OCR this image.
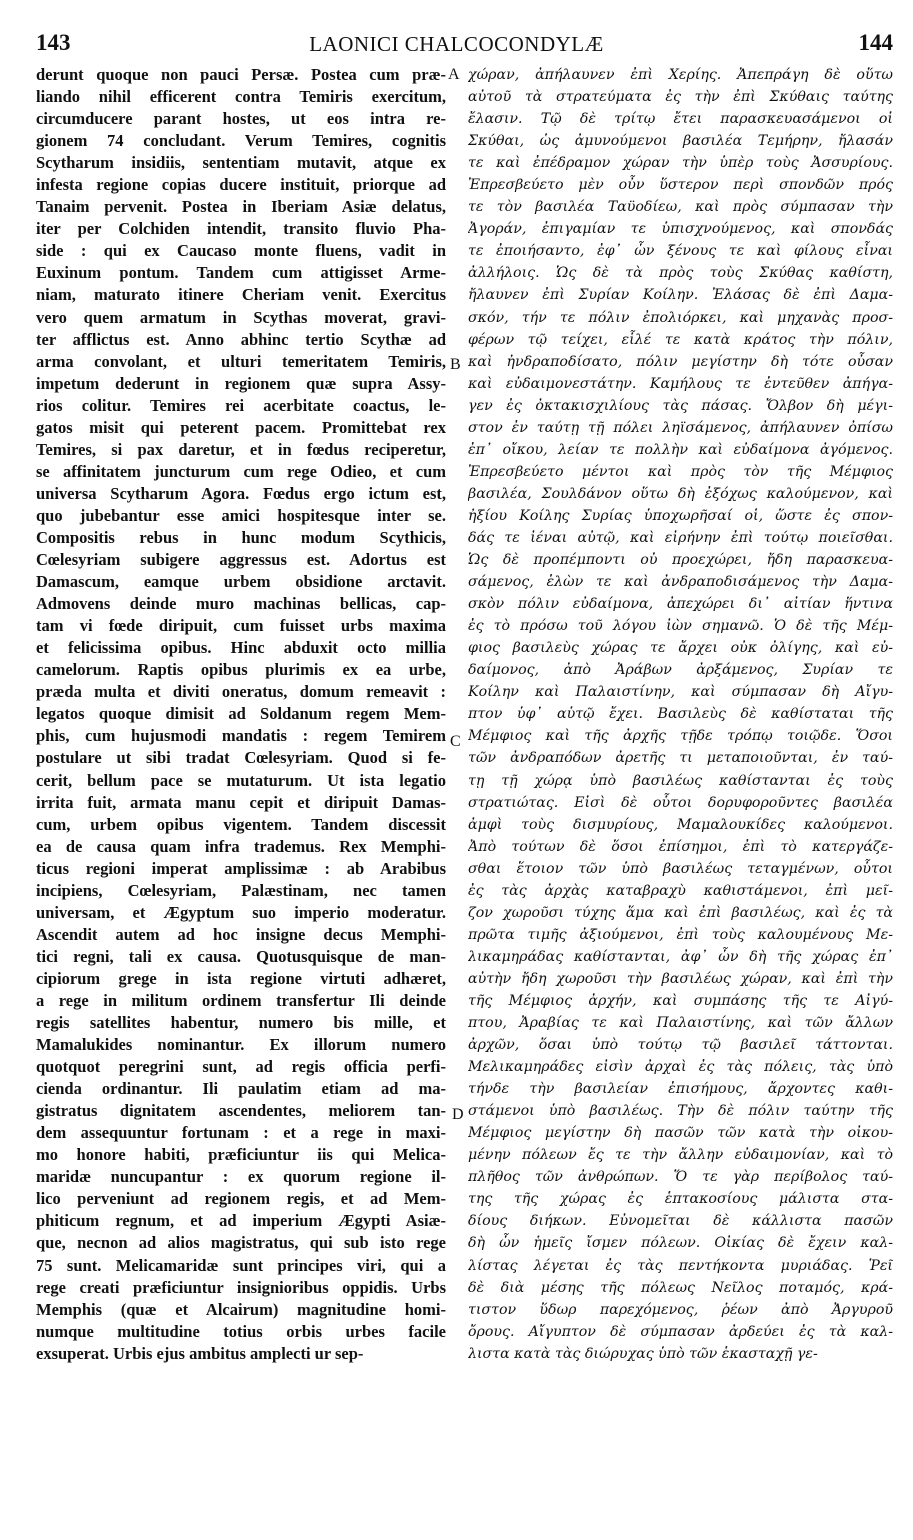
143	LAONICI CHALCOCONDYLÆ	144
derunt quoque non pauci Persæ. Postea cum præ-
liando nihil efficerent contra Temiris exercitum,
circumducere parant hostes, ut eos intra re-
gionem 74 concludant. Verum Temires, cognitis
Scytharum insidiis, sententiam mutavit, atque ex
infesta regione copias ducere instituit, priorque ad
Tanaim pervenit. Postea in Iberiam Asiæ delatus,
iter per Colchiden intendit, transito fluvio Pha-
side : qui ex Caucaso monte fluens, vadit in
Euxinum pontum. Tandem cum attigisset Arme-
niam, maturato itinere Cheriam venit. Exercitus
vero quem armatum in Scythas moverat, gravi-
ter afflictus est. Anno abhinc tertio Scythæ ad
arma convolant, et ulturi temeritatem Temiris,
impetum dederunt in regionem quæ supra Assy-
rios colitur. Temires rei acerbitate coactus, le-
gatos misit qui peterent pacem. Promittebat rex
Temires, si pax daretur, et in fœdus reciperetur,
se affinitatem juncturum cum rege Odieo, et cum
universa Scytharum Agora. Fœdus ergo ictum est,
quo jubebantur esse amici hospitesque inter se.
Compositis rebus in hunc modum Scythicis,
Cœlesyriam subigere aggressus est. Adortus est
Damascum, eamque urbem obsidione arctavit.
Admovens deinde muro machinas bellicas, cap-
tam vi fœde diripuit, cum fuisset urbs maxima
et felicissima opibus. Hinc abduxit octo millia
camelorum. Raptis opibus plurimis ex ea urbe,
præda multa et diviti oneratus, domum remeavit :
legatos quoque dimisit ad Soldanum regem Mem-
phis, cum hujusmodi mandatis : regem Temirem
postulare ut sibi tradat Cœlesyriam. Quod si fe-
cerit, bellum pace se mutaturum. Ut ista legatio
irrita fuit, armata manu cepit et diripuit Damas-
cum, urbem opibus vigentem. Tandem discessit
ea de causa quam infra trademus. Rex Memphi-
ticus regioni imperat amplissimæ : ab Arabibus
incipiens, Cœlesyriam, Palæstinam, nec tamen
universam, et Ægyptum suo imperio moderatur.
Ascendit autem ad hoc insigne decus Memphi-
tici regni, tali ex causa. Quotusquisque de man-
cipiorum grege in ista regione virtuti adhæret,
a rege in militum ordinem transfertur Ili deinde
regis satellites habentur, numero bis mille, et
Mamalukides nominantur. Ex illorum numero
quotquot peregrini sunt, ad regis officia perfi-
cienda ordinantur. Ili paulatim etiam ad ma-
gistratus dignitatem ascendentes, meliorem tan-
dem assequuntur fortunam : et a rege in maxi-
mo honore habiti, præficiuntur iis qui Melica-
maridæ nuncupantur : ex quorum regione il-
lico perveniunt ad regionem regis, et ad Mem-
phiticum regnum, et ad imperium Ægypti Asiæ-
que, necnon ad alios magistratus, qui sub isto rege
75 sunt. Melicamaridæ sunt principes viri, qui a
rege creati præficiuntur insignioribus oppidis. Urbs
Memphis (quæ et Alcairum) magnitudine homi-
numque multitudine totius orbis urbes facile
exsuperat. Urbis ejus ambitus amplecti ur sep-
A
B
C
D
χώραν, ἀπήλαυνεν ἐπὶ Χερίης. Ἀπεπράγη δὲ οὕτω
αὐτοῦ τὰ στρατεύματα ἐς τὴν ἐπὶ Σκύθαις ταύτης
ἔλασιν. Τῷ δὲ τρίτῳ ἔτει παρασκευασάμενοι οἱ
Σκύθαι, ὡς ἀμυνούμενοι βασιλέα Τεμήρην, ἤλασάν
τε καὶ ἐπέδραμον χώραν τὴν ὑπὲρ τοὺς Ἀσσυρίους.
Ἐπρεσβεύετο μὲν οὖν ὕστερον περὶ σπονδῶν πρός
τε τὸν βασιλέα Ταϋοδίεω, καὶ πρὸς σύμπασαν τὴν
Ἀγοράν, ἐπιγαμίαν τε ὑπισχνούμενος, καὶ σπονδάς
τε ἐποιήσαντο, ἐφ᾽ ὧν ξένους τε καὶ φίλους εἶναι
ἀλλήλοις. Ὡς δὲ τὰ πρὸς τοὺς Σκύθας καθίστη,
ἤλαυνεν ἐπὶ Συρίαν Κοίλην. Ἐλάσας δὲ ἐπὶ Δαμα-
σκόν, τήν τε πόλιν ἐπολιόρκει, καὶ μηχανὰς προσ-
φέρων τῷ τείχει, εἷλέ τε κατὰ κράτος τὴν πόλιν,
καὶ ἠνδραποδίσατο, πόλιν μεγίστην δὴ τότε οὖσαν
καὶ εὐδαιμονεστάτην. Καμήλους τε ἐντεῦθεν ἀπήγα-
γεν ἐς ὀκτακισχιλίους τὰς πάσας. Ὄλβον δὴ μέγι-
στον ἐν ταύτῃ τῇ πόλει ληϊσάμενος, ἀπήλαυνεν ὀπίσω
ἐπ᾽ οἴκου, λείαν τε πολλὴν καὶ εὐδαίμονα ἀγόμενος.
Ἐπρεσβεύετο μέντοι καὶ πρὸς τὸν τῆς Μέμφιος
βασιλέα, Σουλδάνον οὕτω δὴ ἐξόχως καλούμενον, καὶ
ἠξίου Κοίλης Συρίας ὑποχωρῆσαί οἱ, ὥστε ἐς σπον-
δάς τε ἰέναι αὐτῷ, καὶ εἰρήνην ἐπὶ τούτῳ ποιεῖσθαι.
Ὡς δὲ προπέμποντι οὐ προεχώρει, ἤδη παρασκευα-
σάμενος, ἑλὼν τε καὶ ἀνδραποδισάμενος τὴν Δαμα-
σκὸν πόλιν εὐδαίμονα, ἀπεχώρει δι᾽ αἰτίαν ἥντινα
ἐς τὸ πρόσω τοῦ λόγου ἰὼν σημανῶ. Ὁ δὲ τῆς Μέμ-
φιος βασιλεὺς χώρας τε ἄρχει οὐκ ὀλίγης, καὶ εὐ-
δαίμονος, ἀπὸ Ἀράβων ἀρξάμενος, Συρίαν τε
Κοίλην καὶ Παλαιστίνην, καὶ σύμπασαν δὴ Αἴγυ-
πτον ὑφ᾽ αὑτῷ ἔχει. Βασιλεὺς δὲ καθίσταται τῆς
Μέμφιος καὶ τῆς ἀρχῆς τῇδε τρόπῳ τοιῷδε. Ὅσοι
τῶν ἀνδραπόδων ἀρετῆς τι μεταποιοῦνται, ἐν ταύ-
τῃ τῇ χώρᾳ ὑπὸ βασιλέως καθίστανται ἐς τοὺς
στρατιώτας. Εἰσὶ δὲ οὗτοι δορυφοροῦντες βασιλέα
ἀμφὶ τοὺς δισμυρίους, Μαμαλουκίδες καλούμενοι.
Ἀπὸ τούτων δὲ ὅσοι ἐπίσημοι, ἐπὶ τὸ κατεργάζε-
σθαι ἕτοιον τῶν ὑπὸ βασιλέως τεταγμένων, οὗτοι
ἐς τὰς ἀρχὰς καταβραχὺ καθιστάμενοι, ἐπὶ μεῖ-
ζον χωροῦσι τύχης ἅμα καὶ ἐπὶ βασιλέως, καὶ ἐς τὰ
πρῶτα τιμῆς ἀξιούμενοι, ἐπὶ τοὺς καλουμένους Με-
λικαμηράδας καθίστανται, ἀφ᾽ ὧν δὴ τῆς χώρας ἐπ᾽
αὐτὴν ἤδη χωροῦσι τὴν βασιλέως χώραν, καὶ ἐπὶ τὴν
τῆς Μέμφιος ἀρχήν, καὶ συμπάσης τῆς τε Αἰγύ-
πτου, Ἀραβίας τε καὶ Παλαιστίνης, καὶ τῶν ἄλλων
ἀρχῶν, ὅσαι ὑπὸ τούτῳ τῷ βασιλεῖ τάττονται.
Μελικαμηράδες εἰσὶν ἀρχαὶ ἐς τὰς πόλεις, τὰς ὑπὸ
τήνδε τὴν βασιλείαν ἐπισήμους, ἄρχοντες καθι-
στάμενοι ὑπὸ βασιλέως. Τὴν δὲ πόλιν ταύτην τῆς
Μέμφιος μεγίστην δὴ πασῶν τῶν κατὰ τὴν οἰκου-
μένην πόλεων ἔς τε τὴν ἄλλην εὐδαιμονίαν, καὶ τὸ
πλῆθος τῶν ἀνθρώπων. Ὅ τε γὰρ περίβολος ταύ-
της τῆς χώρας ἐς ἑπτακοσίους μάλιστα στα-
δίους διήκων. Εὐνομεῖται δὲ κάλλιστα πασῶν
δὴ ὧν ἡμεῖς ἴσμεν πόλεων. Οἰκίας δὲ ἔχειν καλ-
λίστας λέγεται ἐς τὰς πεντήκοντα μυριάδας. Ῥεῖ
δὲ διὰ μέσης τῆς πόλεως Νεῖλος ποταμός, κρά-
τιστον ὕδωρ παρεχόμενος, ῥέων ἀπὸ Ἀργυροῦ
ὄρους. Αἴγυπτον δὲ σύμπασαν ἀρδεύει ἐς τὰ καλ-
λιστα κατὰ τὰς διώρυχας ὑπὸ τῶν ἑκασταχῇ γε-
